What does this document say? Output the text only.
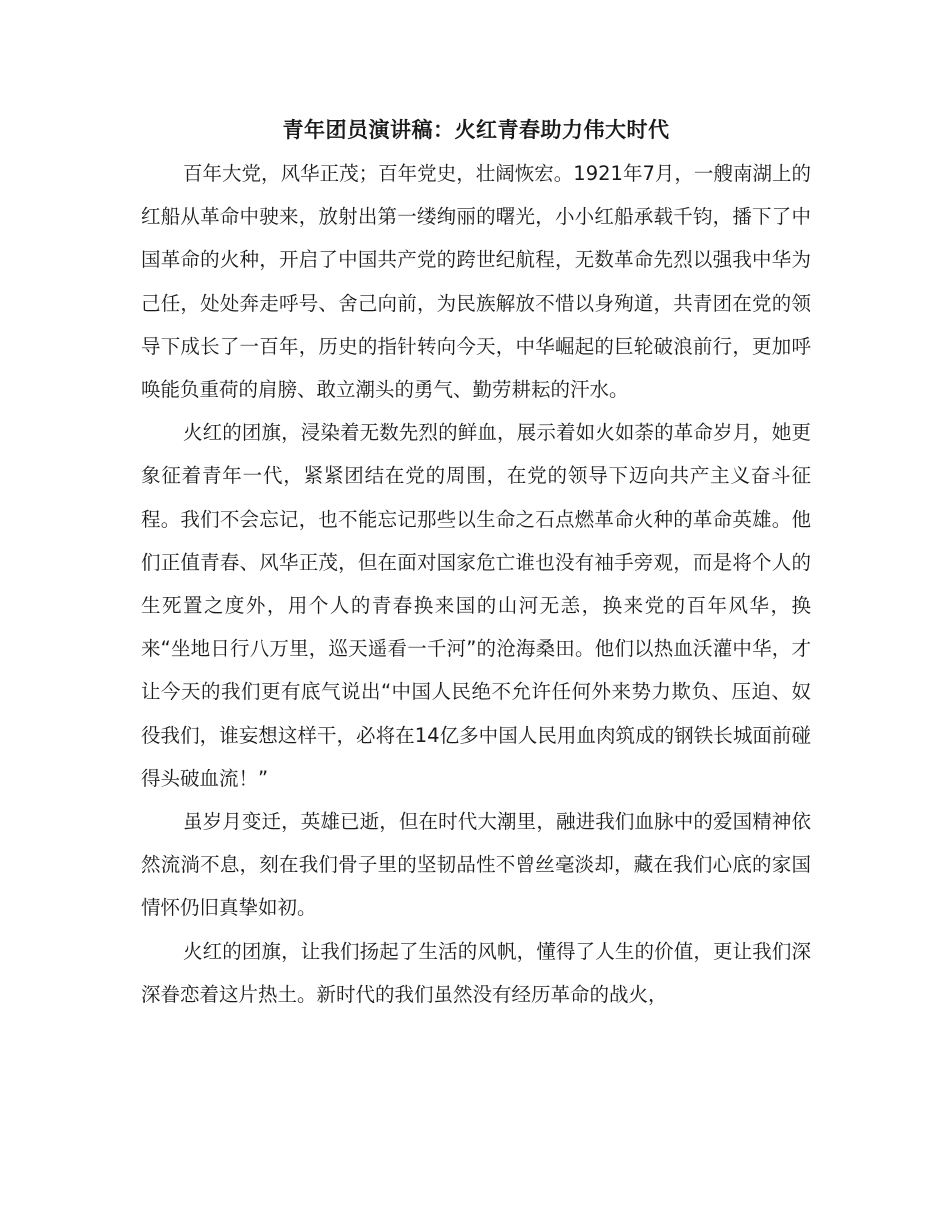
青年团员演讲稿：火红青春助力伟大时代

百年大党，风华正茂；百年党史，壮阔恢宏。1921年7月，一艘南湖上的红船从革命中驶来，放射出第一缕绚丽的曙光，小小红船承载千钧，播下了中国革命的火种，开启了中国共产党的跨世纪航程，无数革命先烈以强我中华为己任，处处奔走呼号、舍己向前，为民族解放不惜以身殉道，共青团在党的领导下成长了一百年，历史的指针转向今天，中华崛起的巨轮破浪前行，更加呼唤能负重荷的肩膀、敢立潮头的勇气、勤劳耕耘的汗水。

火红的团旗，浸染着无数先烈的鲜血，展示着如火如荼的革命岁月，她更象征着青年一代，紧紧团结在党的周围，在党的领导下迈向共产主义奋斗征程。我们不会忘记，也不能忘记那些以生命之石点燃革命火种的革命英雄。他们正值青春、风华正茂，但在面对国家危亡谁也没有袖手旁观，而是将个人的生死置之度外，用个人的青春换来国的山河无恙，换来党的百年风华，换来“坐地日行八万里，巡天遥看一千河”的沧海桑田。他们以热血沃灌中华，才让今天的我们更有底气说出“中国人民绝不允许任何外来势力欺负、压迫、奴役我们，谁妄想这样干，必将在14亿多中国人民用血肉筑成的钢铁长城面前碰得头破血流！”

虽岁月变迁，英雄已逝，但在时代大潮里，融进我们血脉中的爱国精神依然流淌不息，刻在我们骨子里的坚韧品性不曾丝毫淡却，藏在我们心底的家国情怀仍旧真挚如初。

火红的团旗，让我们扬起了生活的风帆，懂得了人生的价值，更让我们深深眷恋着这片热土。新时代的我们虽然没有经历革命的战火，
